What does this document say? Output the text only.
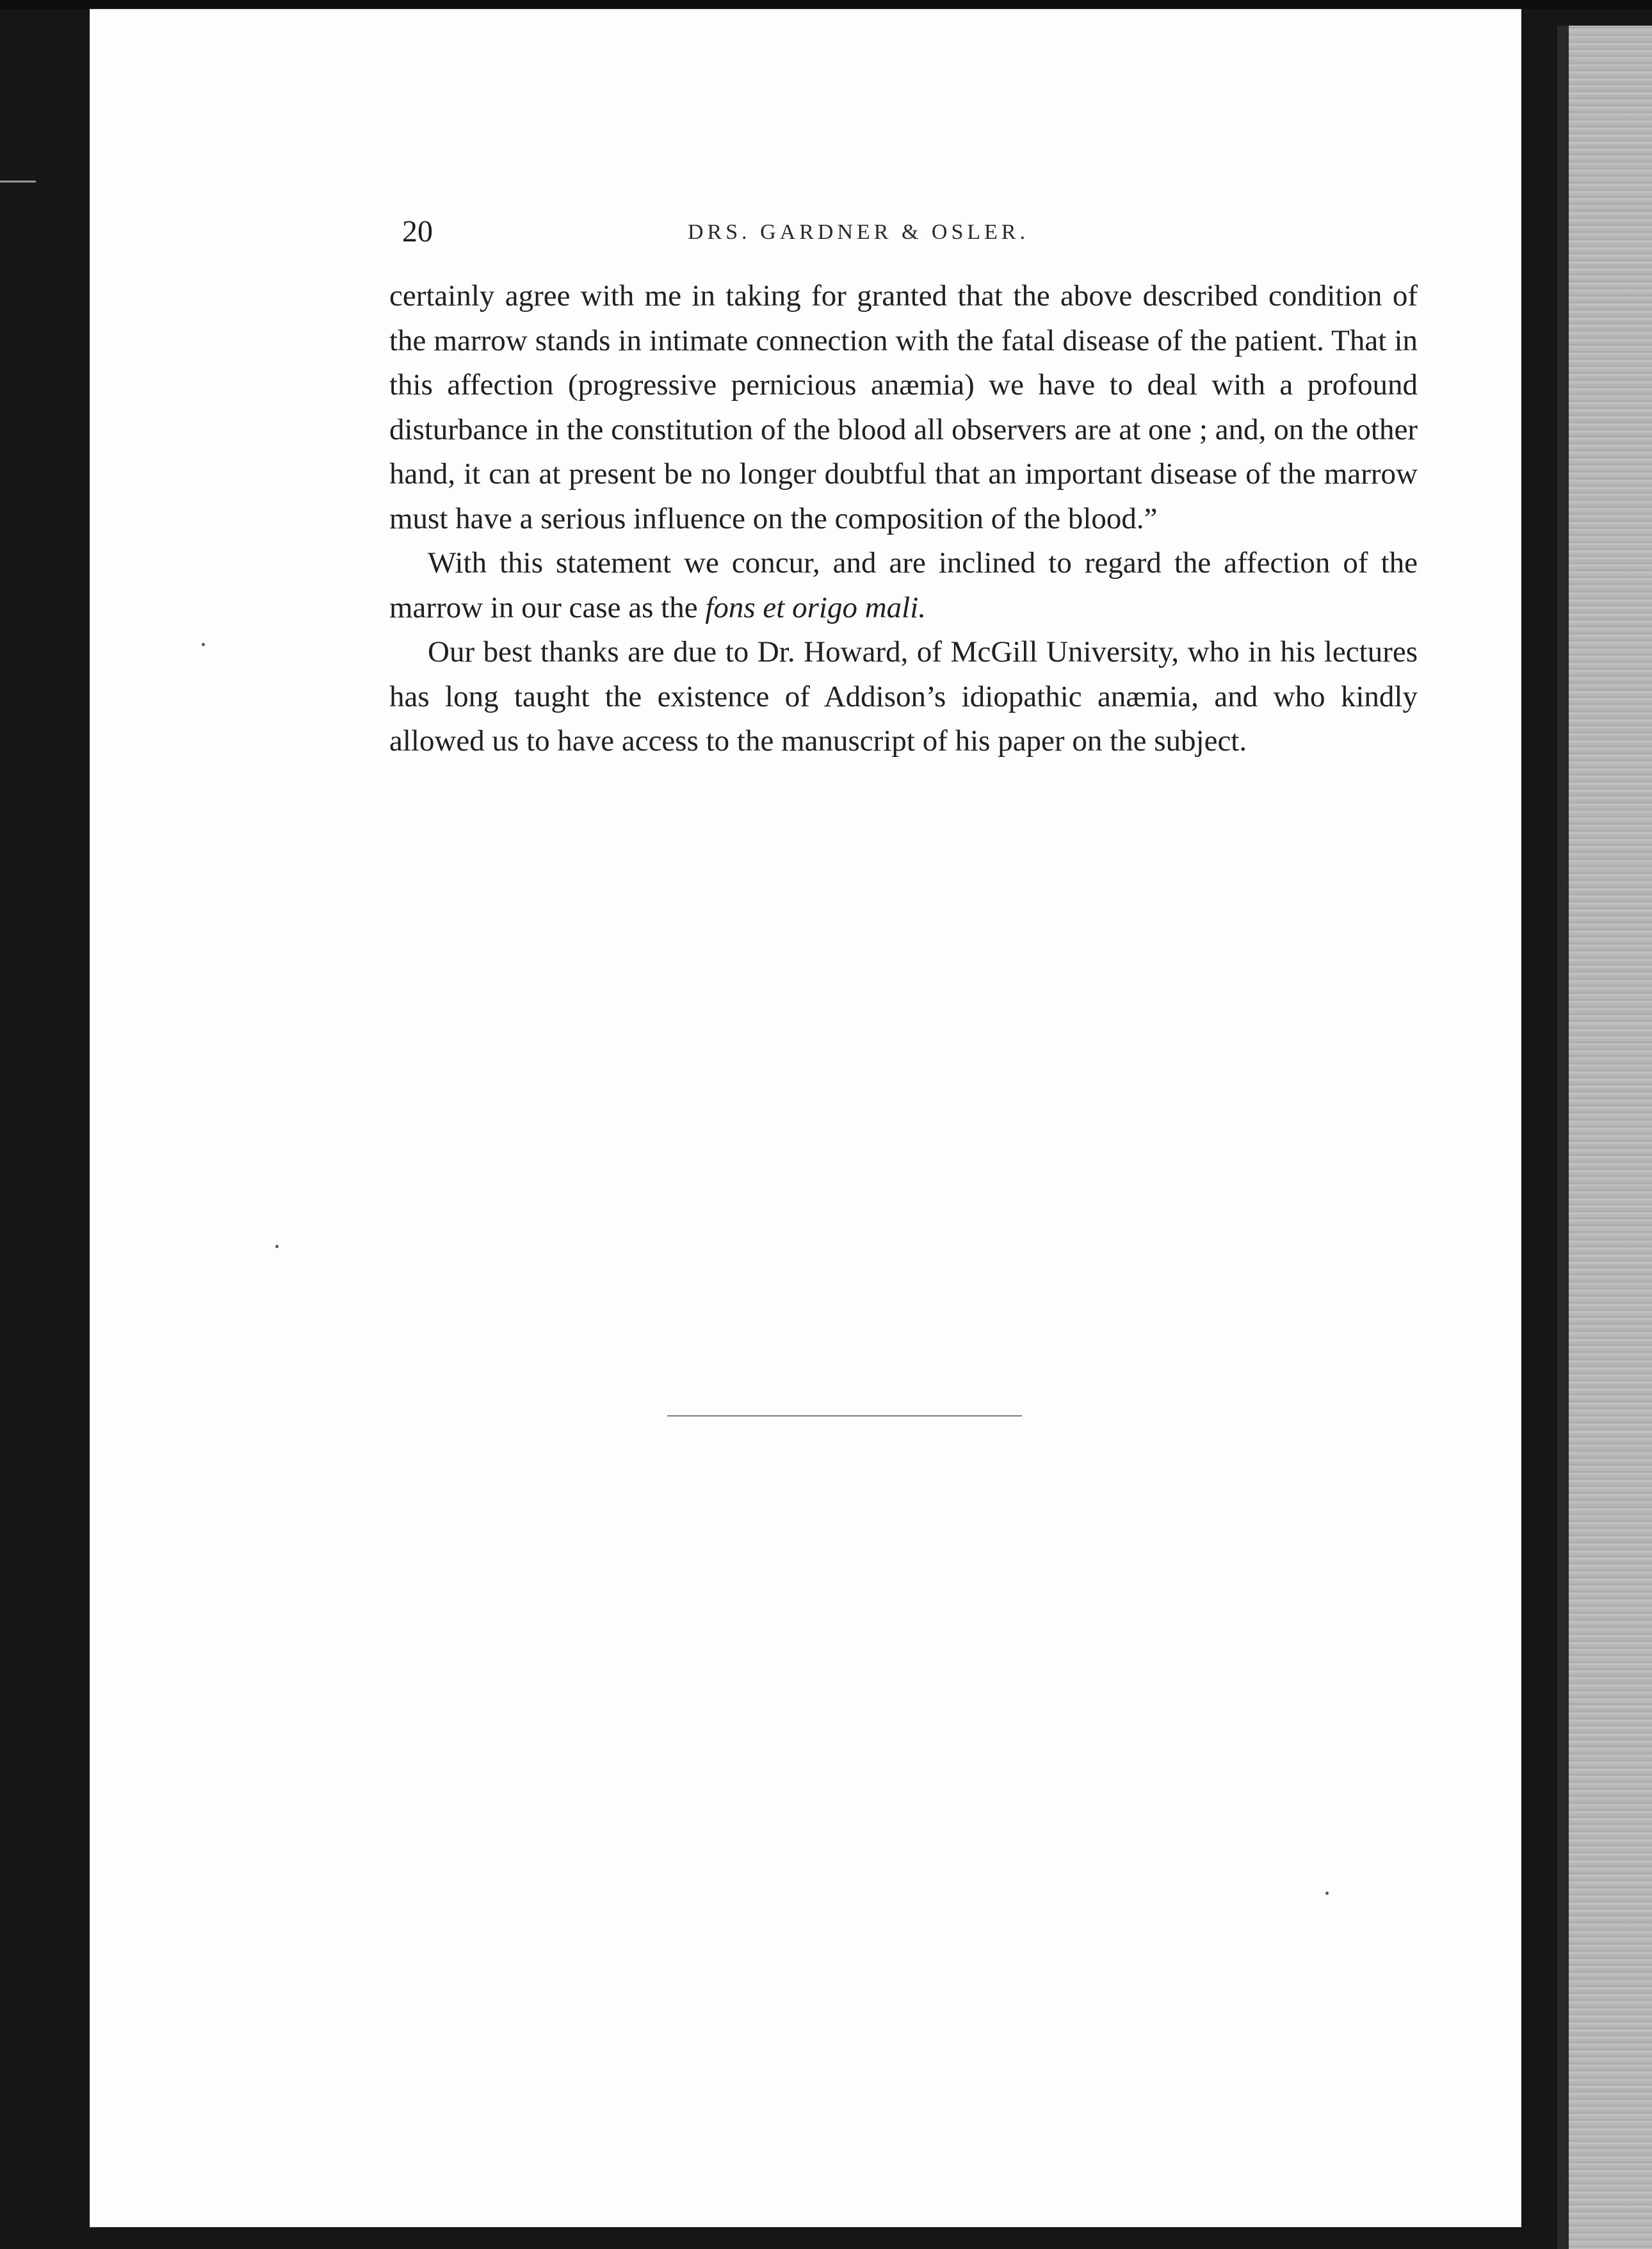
20	DRS. GARDNER & OSLER.

certainly agree with me in taking for granted that the above described condition of the marrow stands in intimate connection with the fatal disease of the patient. That in this affection (progressive pernicious anæmia) we have to deal with a profound disturbance in the constitution of the blood all observers are at one ; and, on the other hand, it can at present be no longer doubtful that an important disease of the marrow must have a serious influence on the composition of the blood.”

With this statement we concur, and are inclined to regard the affection of the marrow in our case as the fons et origo mali.

Our best thanks are due to Dr. Howard, of McGill University, who in his lectures has long taught the existence of Addison’s idiopathic anæmia, and who kindly allowed us to have access to the manuscript of his paper on the subject.
